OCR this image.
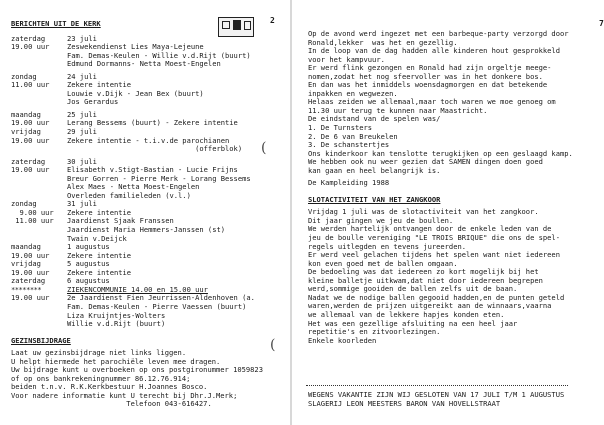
2
BERICHTEN UIT DE KERK
zaterdag	23 juli
19.00 uur	Zeswekendienst Lies Maya-Lejeune
Fam. Demas-Keulen - Willie v.d.Rijt (buurt)
Edmund Dormanns- Netta Moest-Engelen
zondag	24 juli
11.00 uur	Zekere intentie
Louwie v.Dijk - Jean Bex (buurt)
Jos Gerardus
maandag	25 juli
19.00 uur	Lerang Bessems (buurt) - Zekere intentie
vrijdag	29 juli
19.00 uur	Zekere intentie - t.i.v.de parochianen
(offerblok)
zaterdag	30 juli
19.00 uur	Elisabeth v.Stigt-Bastian - Lucie Frijns
Breur Gorren - Pierre Merk - Lorang Bessems
Alex Maes - Netta Moest-Engelen
Overleden familieleden (v.l.)
zondag	31 juli
9.00 uur	Zekere intentie
11.00 uur	Jaardienst Sjaak Franssen
Jaardienst Maria Hemmers-Janssen (st)
Twain v.Deijck
maandag	1 augustus
19.00 uur	Zekere intentie
vrijdag	5 augustus
19.00 uur	Zekere intentie
zaterdag	6 augustus
********	ZIEKENCOMMUNIE 14.00 en 15.00 uur
19.00 uur	2e Jaardienst Fien Jeurrissen-Aldenhoven (a.
Fam. Demas-Keulen - Pierre Vaessen (buurt)
Liza Kruijntjes-Wolters
Willie v.d.Rijt (buurt)
GEZINSBIJDRAGE
Laat uw gezinsbijdrage niet links liggen.
U helpt hiermede het parochiële leven mee dragen.
Uw bijdrage kunt u overboeken op ons postgironummer 1059823
of op ons bankrekeningnummer 86.12.76.914;
beiden t.n.v. R.K.Kerkbestuur H.Joannes Bosco.
Voor nadere informatie kunt U terecht bij Dhr.J.Merk;
Telefoon 043-616427.
(
(
7
Op de avond werd ingezet met een barbeque-party verzorgd door
Ronald,lekker  was het en gezellig.
In de loop van de dag hadden alle kinderen hout gesprokkeld
voor het kampvuur.
Er werd flink gezongen en Ronald had zijn orgeltje meege-
nomen,zodat het nog sfeervoller was in het donkere bos.
En dan was het inmiddels woensdagmorgen en dat betekende
inpakken en wegwezen.
Helaas zeiden we allemaal,maar toch waren we moe genoeg om
11.30 uur terug te kunnen naar Maastricht.
De eindstand van de spelen was/
1. De Turnsters
2. De 6 van Breukelen
3. De schanstertjes
Ons kinderkoor kan tenslotte terugkijken op een geslaagd kamp.
We hebben ook nu weer gezien dat SAMEN dingen doen goed
kan gaan en heel belangrijk is.
De Kampleiding 1988
SLOTACTIVITEIT VAN HET ZANGKOOR
Vrijdag 1 juli was de slotactiviteit van het zangkoor.
Dit jaar gingen we jeu de boullen.
We werden hartelijk ontvangen door de enkele leden van de
jeu de boulle vereniging "LE TROIS BRIQUE" die ons de spel-
regels uitlegden en tevens jureerden.
Er werd veel gelachen tijdens het spelen want niet iedereen
kon even goed met de ballen omgaan.
De bedoeling was dat iedereen zo kort mogelijk bij het
kleine balletje uitkwam,dat niet door iedereen begrepen
werd,sommige gooiden de ballen zelfs uit de baan.
Nadat we de nodige ballen gegooid hadden,en de punten geteld
waren,werden de prijzen uitgereikt aan de winnaars,vaarna
we allemaal van de lekkere hapjes konden eten.
Het was een gezellige afsluiting na een heel jaar
repetitie's en zitvoorlezingen.
Enkele koorleden
WEGENS VAKANTIE ZIJN WIJ GESLOTEN VAN 17 JULI T/M 1 AUGUSTUS
SLAGERIJ LEON MEESTERS BARON VAN HOVELLSTRAAT
